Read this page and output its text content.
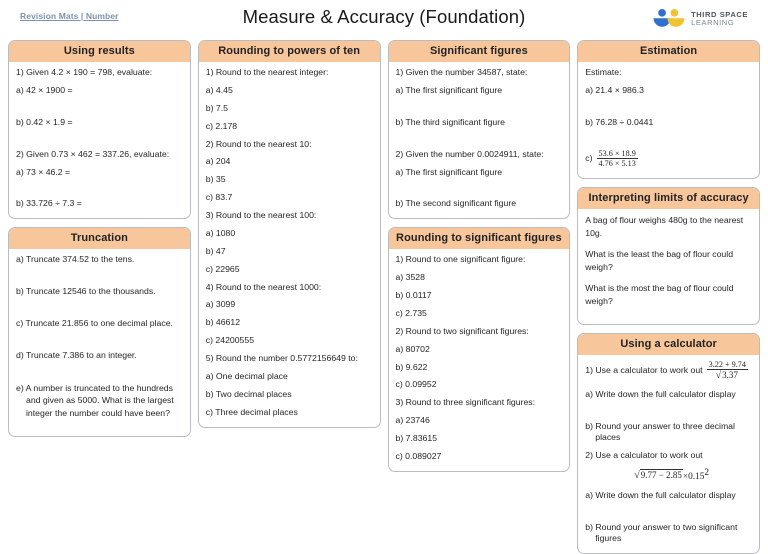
Revision Mats | Number	Measure & Accuracy (Foundation)	THIRD SPACE
LEARNING
Using results

1) Given 4.2 × 190 = 798, evaluate:

a) 42 × 1900 =

b) 0.42 × 1.9 =

2) Given 0.73 × 462 = 337.26, evaluate:

a) 73 × 46.2 =

b) 33.726 ÷ 7.3 =

Truncation

a) Truncate 374.52 to the tens.

b) Truncate 12546 to the thousands.

c) Truncate 21.856 to one decimal place.

d) Truncate 7.386 to an integer.

e) A number is truncated to the hundreds and given as 5000. What is the largest integer the number could have been?

Rounding to powers of ten

1) Round to the nearest integer:

a) 4.45

b) 7.5

c) 2.178

2) Round to the nearest 10:

a) 204

b) 35

c) 83.7

3) Round to the nearest 100:

a) 1080

b) 47

c) 22965

4) Round to the nearest 1000:

a) 3099

b) 46612

c) 24200555

5) Round the number 0.5772156649 to:

a) One decimal place

b) Two decimal places

c) Three decimal places

Significant figures

1) Given the number 34587, state:

a) The first significant figure

b) The third significant figure

2) Given the number 0.0024911, state:

a) The first significant figure

b) The second significant figure

Rounding to significant figures

1) Round to one significant figure:

a) 3528

b) 0.0117

c) 2.735

2) Round to two significant figures:

a) 80702

b) 9.622

c) 0.09952

3) Round to three significant figures:

a) 23746

b) 7.83615

c) 0.089027

Estimation

Estimate:

a) 21.4 × 986.3

b) 76.28 ÷ 0.0441

$c) \frac{53.6 \times 18.9}{4.76 \times 5.13}$
Interpreting limits of accuracy

A bag of flour weighs 480g to the nearest 10g.

What is the least the bag of flour could weigh?

What is the most the bag of flour could weigh?

Using a calculator
1) Use a calculator to work out $\frac{3.22 + 9.74}{√3.37}$

a) Write down the full calculator display

b) Round your answer to three decimal places

2) Use a calculator to work out

$√9.77 - 2.85\times 0.15^2$

a) Write down the full calculator display

b) Round your answer to two significant figures
